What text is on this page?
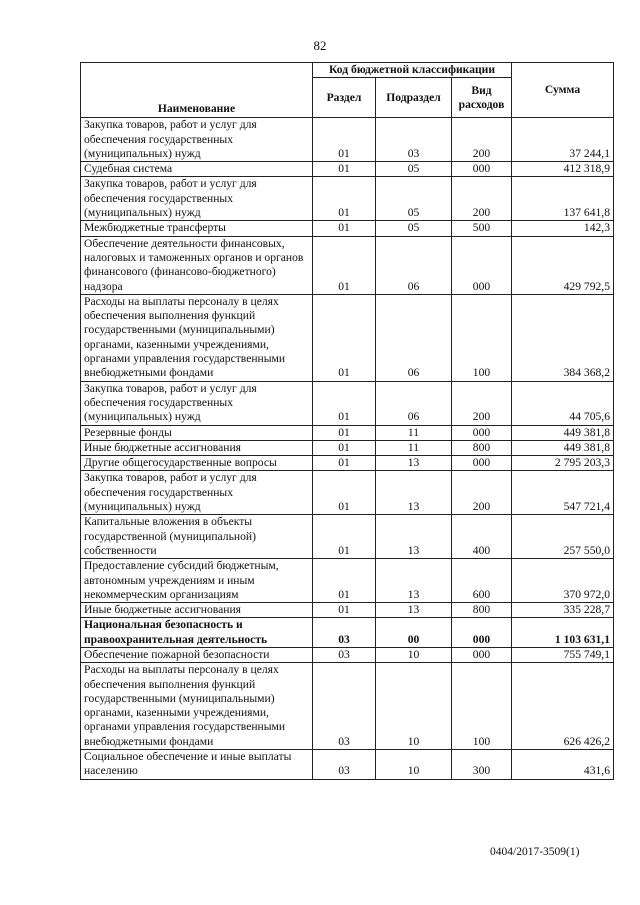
82
Наименование	Код бюджетной классификации			Сумма
	Раздел	Подраздел	Вид расходов	
Закупка товаров, работ и услуг для обеспечения государственных (муниципальных) нужд	01	03	200	37 244,1
Судебная система	01	05	000	412 318,9
Закупка товаров, работ и услуг для обеспечения государственных (муниципальных) нужд	01	05	200	137 641,8
Межбюджетные трансферты	01	05	500	142,3
Обеспечение деятельности финансовых, налоговых и таможенных органов и органов финансового (финансово-бюджетного) надзора	01	06	000	429 792,5
Расходы на выплаты персоналу в целях обеспечения выполнения функций государственными (муниципальными) органами, казенными учреждениями, органами управления государственными внебюджетными фондами	01	06	100	384 368,2
Закупка товаров, работ и услуг для обеспечения государственных (муниципальных) нужд	01	06	200	44 705,6
Резервные фонды	01	11	000	449 381,8
Иные бюджетные ассигнования	01	11	800	449 381,8
Другие общегосударственные вопросы	01	13	000	2 795 203,3
Закупка товаров, работ и услуг для обеспечения государственных (муниципальных) нужд	01	13	200	547 721,4
Капитальные вложения в объекты государственной (муниципальной) собственности	01	13	400	257 550,0
Предоставление субсидий бюджетным, автономным учреждениям и иным некоммерческим организациям	01	13	600	370 972,0
Иные бюджетные ассигнования	01	13	800	335 228,7
Национальная безопасность и правоохранительная деятельность	03	00	000	1 103 631,1
Обеспечение пожарной безопасности	03	10	000	755 749,1
Расходы на выплаты персоналу в целях обеспечения выполнения функций государственными (муниципальными) органами, казенными учреждениями, органами управления государственными внебюджетными фондами	03	10	100	626 426,2
Социальное обеспечение и иные выплаты населению	03	10	300	431,6
0404/2017-3509(1)
